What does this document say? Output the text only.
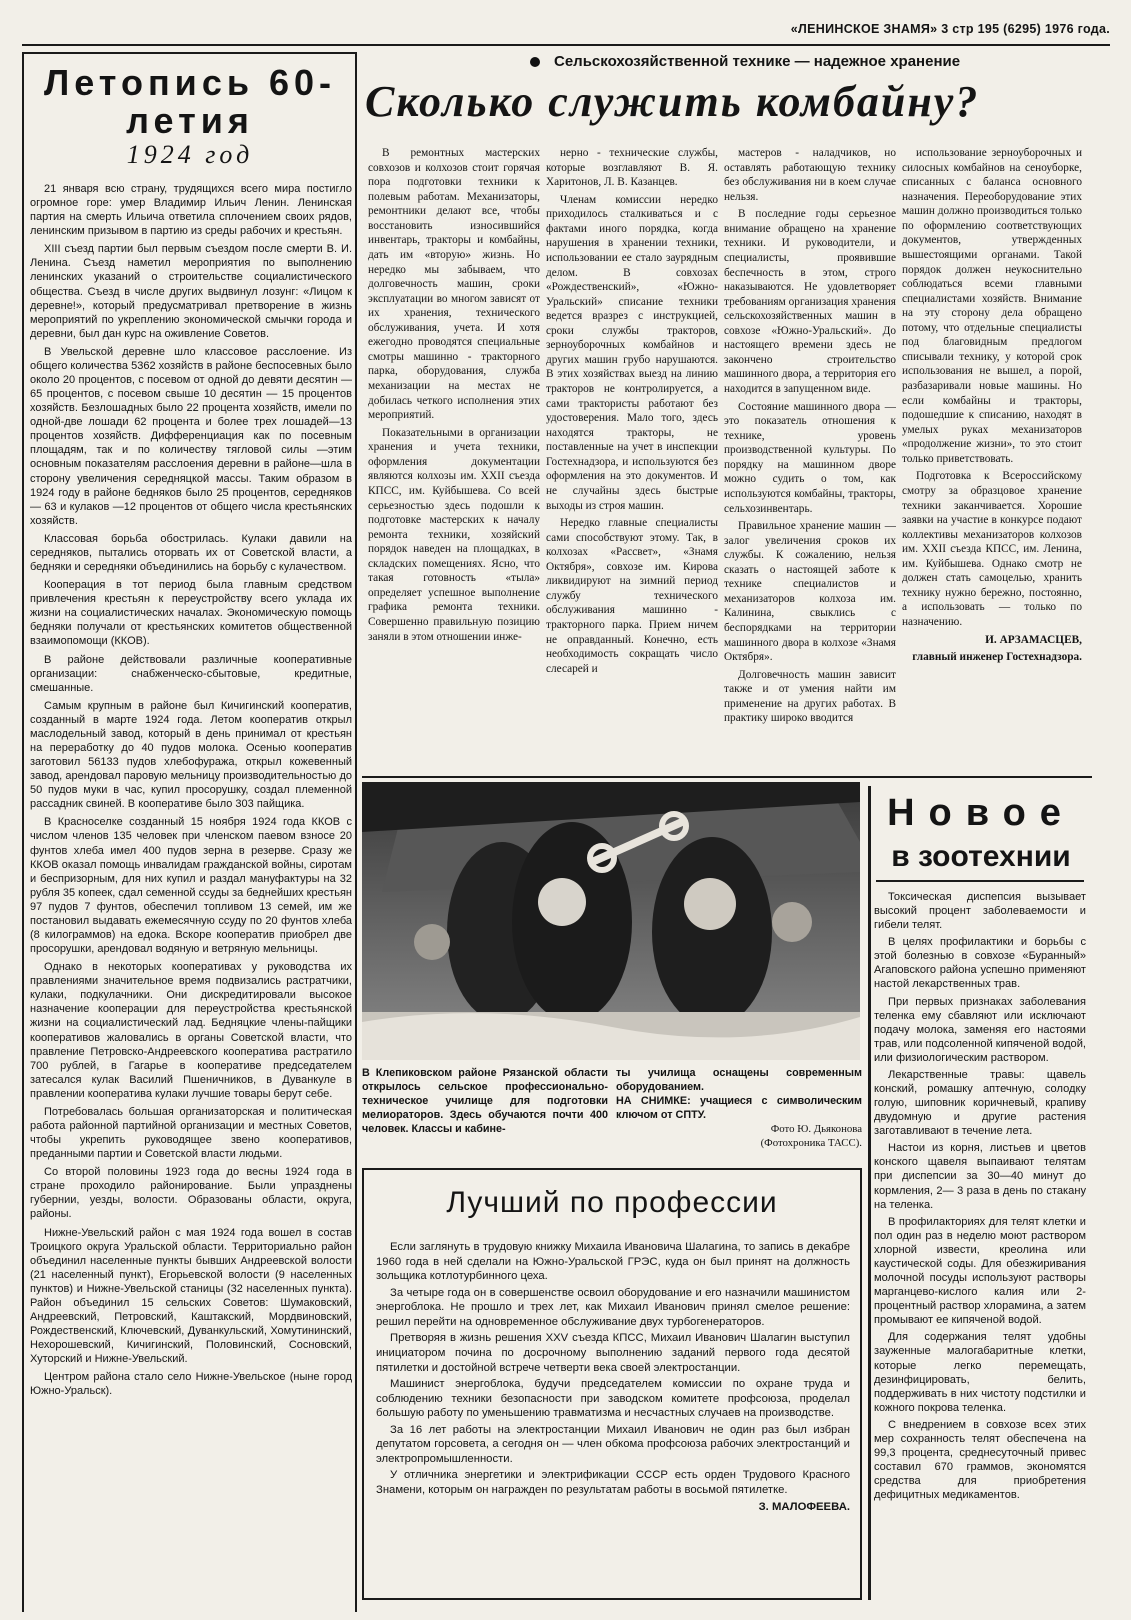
«ЛЕНИНСКОЕ ЗНАМЯ» 3 стр 195 (6295) 1976 года.
Летопись 60-летия
1924 год

21 января всю страну, трудящихся всего мира постигло огромное горе: умер Владимир Ильич Ленин. Ленинская партия на смерть Ильича ответила сплочением своих рядов, ленинским призывом в партию из среды рабочих и крестьян.

XIII съезд партии был первым съездом после смерти В. И. Ленина. Съезд наметил мероприятия по выполнению ленинских указаний о строительстве социалистического общества. Съезд в числе других выдвинул лозунг: «Лицом к деревне!», который предусматривал претворение в жизнь мероприятий по укреплению экономической смычки города и деревни, был дан курс на оживление Советов.

В Увельской деревне шло классовое расслоение. Из общего количества 5362 хозяйств в районе беспосевных было около 20 процентов, с посевом от одной до девяти десятин — 65 процентов, с посевом свыше 10 десятин — 15 процентов хозяйств. Безлошадных было 22 процента хозяйств, имели по одной-две лошади 62 процента и более трех лошадей—13 процентов хозяйств. Дифференциация как по посевным площадям, так и по количеству тягловой силы —этим основным показателям расслоения деревни в районе—шла в сторону увеличения середняцкой массы. Таким образом в 1924 году в районе бедняков было 25 процентов, середняков— 63 и кулаков —12 процентов от общего числа крестьянских хозяйств.

Классовая борьба обострилась. Кулаки давили на середняков, пытались оторвать их от Советской власти, а бедняки и середняки объединились на борьбу с кулачеством.

Кооперация в тот период была главным средством привлечения крестьян к переустройству всего уклада их жизни на социалистических началах. Экономическую помощь бедняки получали от крестьянских комитетов общественной взаимопомощи (ККОВ).

В районе действовали различные кооперативные организации: снабженческо-сбытовые, кредитные, смешанные.

Самым крупным в районе был Кичигинский кооператив, созданный в марте 1924 года. Летом кооператив открыл маслодельный завод, который в день принимал от крестьян на переработку до 40 пудов молока. Осенью кооператив заготовил 56133 пудов хлебофуража, открыл кожевенный завод, арендовал паровую мельницу производительностью до 50 пудов муки в час, купил просорушку, создал племенной рассадник свиней. В кооперативе было 303 пайщика.

В Красноселке созданный 15 ноября 1924 года ККОВ с числом членов 135 человек при членском паевом взносе 20 фунтов хлеба имел 400 пудов зерна в резерве. Сразу же ККОВ оказал помощь инвалидам гражданской войны, сиротам и беспризорным, для них купил и раздал мануфактуры на 32 рубля 35 копеек, сдал семенной ссуды за беднейших крестьян 97 пудов 7 фунтов, обеспечил топливом 13 семей, им же постановил выдавать ежемесячную ссуду по 20 фунтов хлеба (8 килограммов) на едока. Вскоре кооператив приобрел две просорушки, арендовал водяную и ветряную мельницы.

Однако в некоторых кооперативах у руководства их правлениями значительное время подвизались растратчики, кулаки, подкулачники. Они дискредитировали высокое назначение кооперации для переустройства крестьянской жизни на социалистический лад. Бедняцкие члены-пайщики кооперативов жаловались в органы Советской власти, что правление Петровско-Андреевского кооператива растратило 700 рублей, в Гагарье в кооперативе председателем затесался кулак Василий Пшеничников, в Дуванкуле в правлении кооператива кулаки лучшие товары берут себе.

Потребовалась большая организаторская и политическая работа районной партийной организации и местных Советов, чтобы укрепить руководящее звено кооперативов, преданными партии и Советской власти людьми.

Со второй половины 1923 года до весны 1924 года в стране проходило районирование. Были упразднены губернии, уезды, волости. Образованы области, округа, районы.

Нижне-Увельский район с мая 1924 года вошел в состав Троицкого округа Уральской области. Территориально район объединил населенные пункты бывших Андреевской волости (21 населенный пункт), Егорьевской волости (9 населенных пунктов) и Нижне-Увельской станицы (32 населенных пункта). Район объединил 15 сельских Советов: Шумаковский, Андреевский, Петровский, Каштакский, Мордвиновский, Рождественский, Ключевский, Дуванкульский, Хомутининский, Нехорошевский, Кичигинский, Половинский, Сосновский, Хуторский и Нижне-Увельский.

Центром района стало село Нижне-Увельское (ныне город Южно-Уральск).

Сельскохозяйственной технике — надежное хранение
Сколько служить комбайну?

В ремонтных мастерских совхозов и колхозов стоит горячая пора подготовки техники к полевым работам. Механизаторы, ремонтники делают все, чтобы восстановить износившийся инвентарь, тракторы и комбайны, дать им «вторую» жизнь. Но нередко мы забываем, что долговечность машин, сроки эксплуатации во многом зависят от их хранения, технического обслуживания, учета. И хотя ежегодно проводятся специальные смотры машинно - тракторного парка, оборудования, служба механизации на местах не добилась четкого исполнения этих мероприятий.

Показательными в организации хранения и учета техники, оформления документации являются колхозы им. XXII съезда КПСС, им. Куйбышева. Со всей серьезностью здесь подошли к подготовке мастерских к началу ремонта техники, хозяйский порядок наведен на площадках, в складских помещениях. Ясно, что такая готовность «тыла» определяет успешное выполнение графика ремонта техники. Совершенно правильную позицию заняли в этом отношении инже-

нерно - технические службы, которые возглавляют В. Я. Харитонов, Л. В. Казанцев.

Членам комиссии нередко приходилось сталкиваться и с фактами иного порядка, когда нарушения в хранении техники, использовании ее стало заурядным делом. В совхозах «Рождественский», «Южно-Уральский» списание техники ведется вразрез с инструкцией, сроки службы тракторов, зерноуборочных комбайнов и других машин грубо нарушаются. В этих хозяйствах выезд на линию тракторов не контролируется, а сами трактористы работают без удостоверения. Мало того, здесь находятся тракторы, не поставленные на учет в инспекции Гостехнадзора, и используются без оформления на это документов. И не случайны здесь быстрые выходы из строя машин.

Нередко главные специалисты сами способствуют этому. Так, в колхозах «Рассвет», «Знамя Октября», совхозе им. Кирова ликвидируют на зимний период службу технического обслуживания машинно - тракторного парка. Прием ничем не оправданный. Конечно, есть необходимость сокращать число слесарей и

мастеров - наладчиков, но оставлять работающую технику без обслуживания ни в коем случае нельзя.

В последние годы серьезное внимание обращено на хранение техники. И руководители, и специалисты, проявившие беспечность в этом, строго наказываются. Не удовлетворяет требованиям организация хранения сельскохозяйственных машин в совхозе «Южно-Уральский». До настоящего времени здесь не закончено строительство машинного двора, а территория его находится в запущенном виде.

Состояние машинного двора — это показатель отношения к технике, уровень производственной культуры. По порядку на машинном дворе можно судить о том, как используются комбайны, тракторы, сельхозинвентарь.

Правильное хранение машин — залог увеличения сроков их службы. К сожалению, нельзя сказать о настоящей заботе к технике специалистов и механизаторов колхоза им. Калинина, свыклись с беспорядками на территории машинного двора в колхозе «Знамя Октября».

Долговечность машин зависит также и от умения найти им применение на других работах. В практику широко вводится

использование зерноуборочных и силосных комбайнов на сеноуборке, списанных с баланса основного назначения. Переоборудование этих машин должно производиться только по оформлению соответствующих документов, утвержденных вышестоящими органами. Такой порядок должен неукоснительно соблюдаться всеми главными специалистами хозяйств. Внимание на эту сторону дела обращено потому, что отдельные специалисты под благовидным предлогом списывали технику, у которой срок использования не вышел, а порой, разбазаривали новые машины. Но если комбайны и тракторы, подошедшие к списанию, находят в умелых руках механизаторов «продолжение жизни», то это стоит только приветствовать.

Подготовка к Всероссийскому смотру за образцовое хранение техники заканчивается. Хорошие заявки на участие в конкурсе подают коллективы механизаторов колхозов им. XXII съезда КПСС, им. Ленина, им. Куйбышева. Однако смотр не должен стать самоцелью, хранить технику нужно бережно, постоянно, а использовать — только по назначению.

И. АРЗАМАСЦЕВ,

главный инженер Гостехнадзора.

В Клепиковском районе Рязанской области открылось сельское профессионально-техническое училище для подготовки мелиораторов. Здесь обучаются почти 400 человек. Классы и кабине-
ты училища оснащены современным оборудованием.
НА СНИМКЕ: учащиеся с символическим ключом от СПТУ.
Фото Ю. Дьяконова
(Фотохроника ТАСС).
Лучший по профессии

Если заглянуть в трудовую книжку Михаила Ивановича Шалагина, то запись в декабре 1960 года в ней сделали на Южно-Уральской ГРЭС, куда он был принят на должность зольщика котлотурбинного цеха.

За четыре года он в совершенстве освоил оборудование и его назначили машинистом энергоблока. Не прошло и трех лет, как Михаил Иванович принял смелое решение: решил перейти на одновременное обслуживание двух турбогенераторов.

Претворяя в жизнь решения XXV съезда КПСС, Михаил Иванович Шалагин выступил инициатором почина по досрочному выполнению заданий первого года десятой пятилетки и достойной встрече четверти века своей электростанции.

Машинист энергоблока, будучи председателем комиссии по охране труда и соблюдению техники безопасности при заводском комитете профсоюза, проделал большую работу по уменьшению травматизма и несчастных случаев на производстве.

За 16 лет работы на электростанции Михаил Иванович не один раз был избран депутатом горсовета, а сегодня он — член обкома профсоюза рабочих электростанций и электропромышленности.

У отличника энергетики и электрификации СССР есть орден Трудового Красного Знамени, которым он награжден по результатам работы в восьмой пятилетке.

З. МАЛОФЕЕВА.

Новое
в зоотехнии

Токсическая диспепсия вызывает высокий процент заболеваемости и гибели телят.

В целях профилактики и борьбы с этой болезнью в совхозе «Буранный» Агаповского района успешно применяют настой лекарственных трав.

При первых признаках заболевания теленка ему сбавляют или исключают подачу молока, заменяя его настоями трав, или подсоленной кипяченой водой, или физиологическим раствором.

Лекарственные травы: щавель конский, ромашку аптечную, солодку голую, шиповник коричневый, крапиву двудомную и другие растения заготавливают в течение лета.

Настои из корня, листьев и цветов конского щавеля выпаивают телятам при диспепсии за 30—40 минут до кормления, 2— 3 раза в день по стакану на теленка.

В профилакториях для телят клетки и пол один раз в неделю моют раствором хлорной извести, креолина или каустической соды. Для обезжиривания молочной посуды используют растворы марганцево-кислого калия или 2-процентный раствор хлорамина, а затем промывают ее кипяченой водой.

Для содержания телят удобны зауженные малогабаритные клетки, которые легко перемещать, дезинфицировать, белить, поддерживать в них чистоту подстилки и кожного покрова теленка.

С внедрением в совхозе всех этих мер сохранность телят обеспечена на 99,3 процента, среднесуточный привес составил 670 граммов, экономятся средства для приобретения дефицитных медикаментов.
